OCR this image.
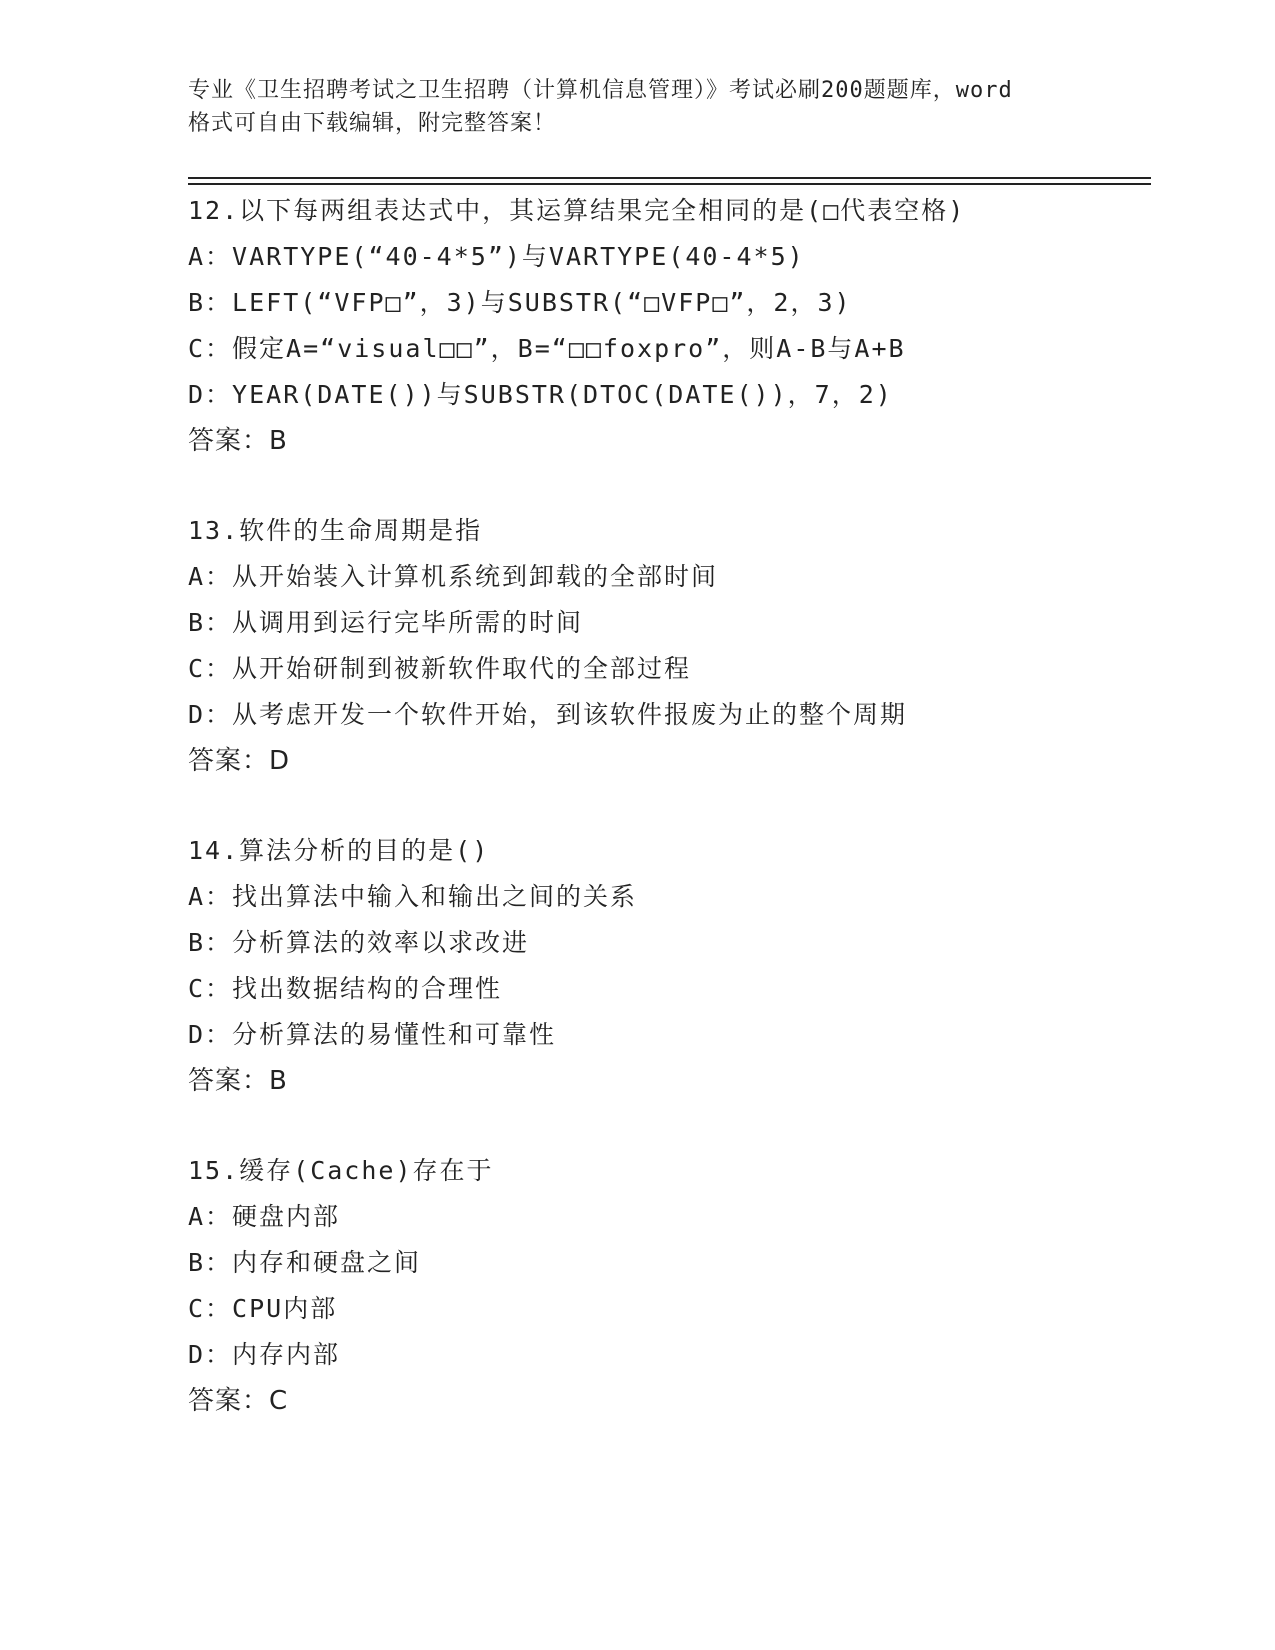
专业《卫生招聘考试之卫生招聘（计算机信息管理）》考试必刷200题题库，word
格式可自由下载编辑，附完整答案！
12.以下每两组表达式中，其运算结果完全相同的是(□代表空格)
A：VARTYPE(“40-4*5”)与VARTYPE(40-4*5)
B：LEFT(“VFP□”，3)与SUBSTR(“□VFP□”，2，3)
C：假定A=“visual□□”，B=“□□foxpro”，则A-B与A+B
D：YEAR(DATE())与SUBSTR(DTOC(DATE())，7，2)
答案：B
13.软件的生命周期是指
A：从开始装入计算机系统到卸载的全部时间
B：从调用到运行完毕所需的时间
C：从开始研制到被新软件取代的全部过程
D：从考虑开发一个软件开始，到该软件报废为止的整个周期
答案：D
14.算法分析的目的是()
A：找出算法中输入和输出之间的关系
B：分析算法的效率以求改进
C：找出数据结构的合理性
D：分析算法的易懂性和可靠性
答案：B
15.缓存(Cache)存在于
A：硬盘内部
B：内存和硬盘之间
C：CPU内部
D：内存内部
答案：C
